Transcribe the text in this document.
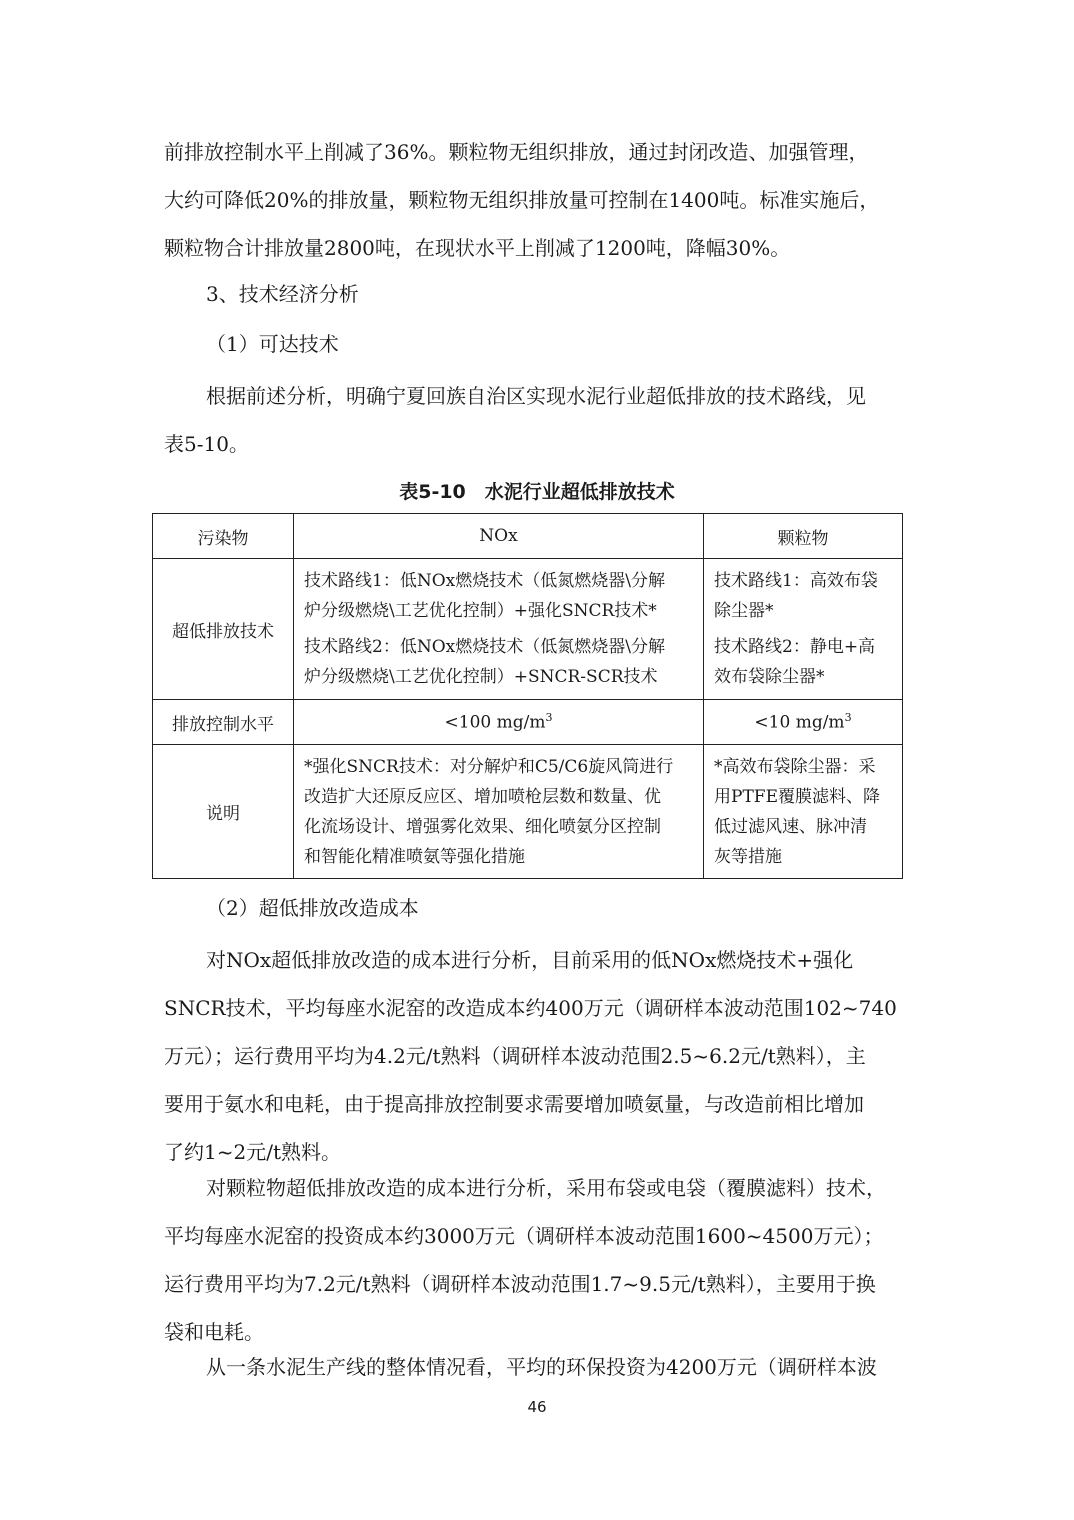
前排放控制水平上削减了36%。颗粒物无组织排放，通过封闭改造、加强管理，
大约可降低20%的排放量，颗粒物无组织排放量可控制在1400吨。标准实施后，
颗粒物合计排放量2800吨，在现状水平上削减了1200吨，降幅30%。
3、技术经济分析
（1）可达技术
根据前述分析，明确宁夏回族自治区实现水泥行业超低排放的技术路线，见
表5-10。
表5-10　水泥行业超低排放技术
污染物	NOx	颗粒物
超低排放技术	技术路线1：低NOx燃烧技术（低氮燃烧器\分解
炉分级燃烧\工艺优化控制）+强化SNCR技术*
技术路线2：低NOx燃烧技术（低氮燃烧器\分解
炉分级燃烧\工艺优化控制）+SNCR-SCR技术	技术路线1：高效布袋
除尘器*
技术路线2：静电+高
效布袋除尘器*

排放控制水平	<100 $mg/m^3$	<10 $mg/m^3$
说明	*强化SNCR技术：对分解炉和C5/C6旋风筒进行
改造扩大还原反应区、增加喷枪层数和数量、优
化流场设计、增强雾化效果、细化喷氨分区控制
和智能化精准喷氨等强化措施	*高效布袋除尘器：采
用PTFE覆膜滤料、降
低过滤风速、脉冲清
灰等措施
（2）超低排放改造成本
对NOx超低排放改造的成本进行分析，目前采用的低NOx燃烧技术+强化
SNCR技术，平均每座水泥窑的改造成本约400万元（调研样本波动范围102~740
万元）；运行费用平均为4.2元/t熟料（调研样本波动范围2.5~6.2元/t熟料），主
要用于氨水和电耗，由于提高排放控制要求需要增加喷氨量，与改造前相比增加
了约1~2元/t熟料。
对颗粒物超低排放改造的成本进行分析，采用布袋或电袋（覆膜滤料）技术，
平均每座水泥窑的投资成本约3000万元（调研样本波动范围1600~4500万元）；
运行费用平均为7.2元/t熟料（调研样本波动范围1.7~9.5元/t熟料），主要用于换
袋和电耗。
从一条水泥生产线的整体情况看，平均的环保投资为4200万元（调研样本波
46
